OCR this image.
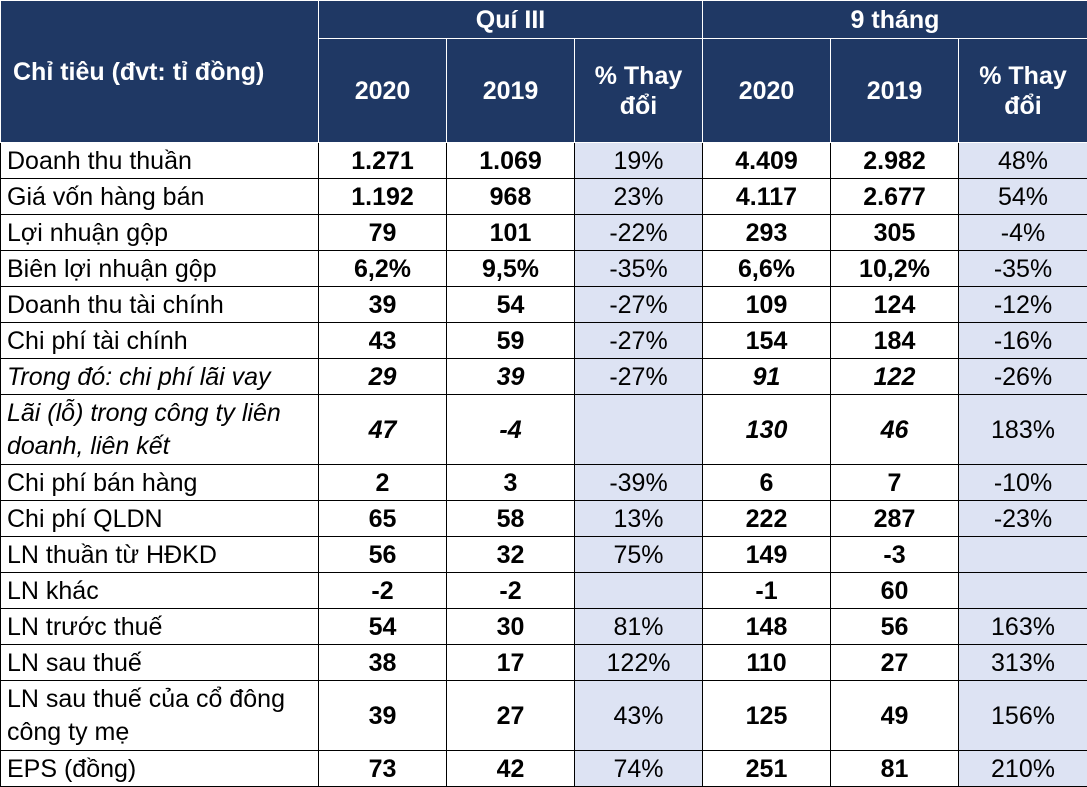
Chỉ tiêu (đvt: tỉ đồng)	Quí III			9 tháng		
	2020	2019	% Thay đổi	2020	2019	% Thay đổi
Doanh thu thuần	1.271	1.069	19%	4.409	2.982	48%
Giá vốn hàng bán	1.192	968	23%	4.117	2.677	54%
Lợi nhuận gộp	79	101	-22%	293	305	-4%
Biên lợi nhuận gộp	6,2%	9,5%	-35%	6,6%	10,2%	-35%
Doanh thu tài chính	39	54	-27%	109	124	-12%
Chi phí tài chính	43	59	-27%	154	184	-16%
Trong đó: chi phí lãi vay	29	39	-27%	91	122	-26%
Lãi (lỗ) trong công ty liên doanh, liên kết	47	-4		130	46	183%
Chi phí bán hàng	2	3	-39%	6	7	-10%
Chi phí QLDN	65	58	13%	222	287	-23%
LN thuần từ HĐKD	56	32	75%	149	-3	
LN khác	-2	-2		-1	60	
LN trước thuế	54	30	81%	148	56	163%
LN sau thuế	38	17	122%	110	27	313%
LN sau thuế của cổ đông công ty mẹ	39	27	43%	125	49	156%
EPS (đồng)	73	42	74%	251	81	210%
